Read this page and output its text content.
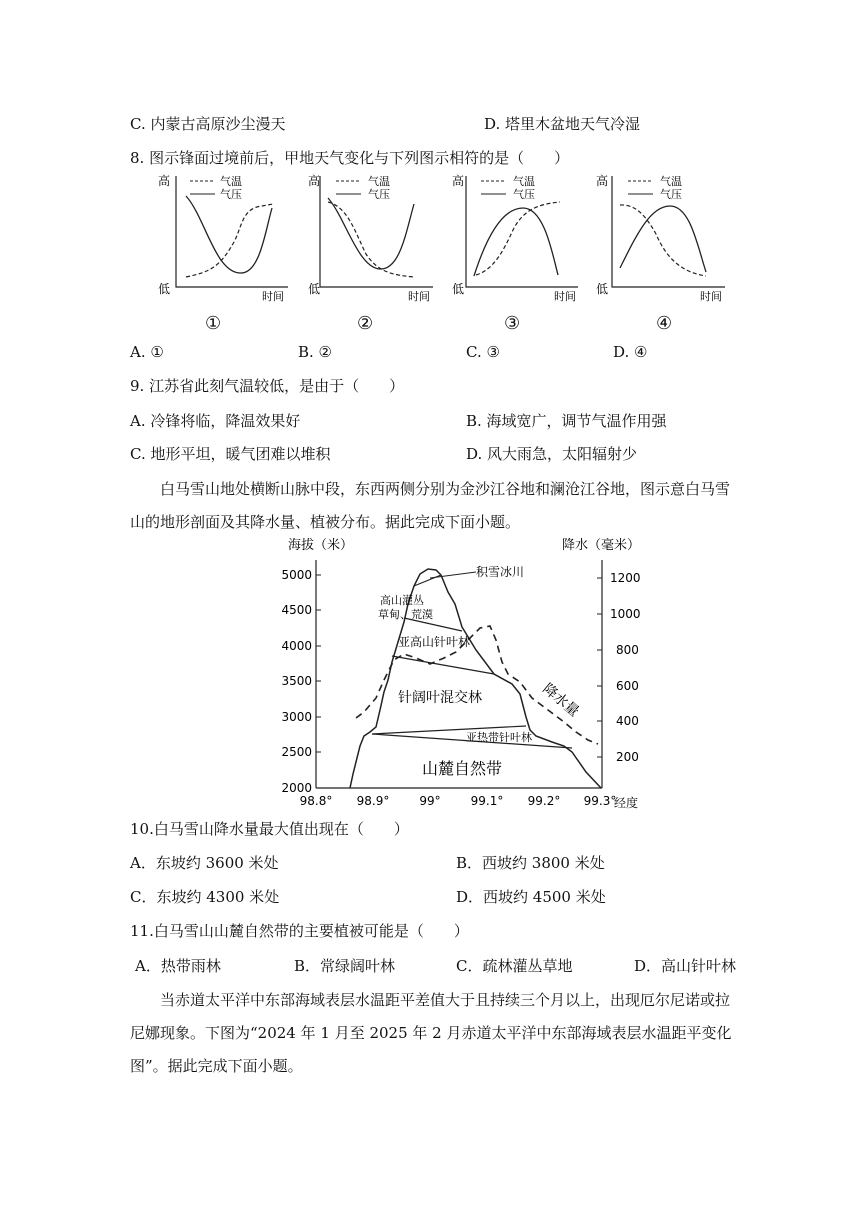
C. 内蒙古高原沙尘漫天	D. 塔里木盆地天气冷湿
8. 图示锋面过境前后，甲地天气变化与下列图示相符的是（　　）
高
低
时间
气温
气压
高
低
时间
气温
气压
高
低
时间
气温
气压
高
低
时间
气温
气压
①	②	③	④
A. ①	B. ②	C. ③	D. ④
9. 江苏省此刻气温较低，是由于（　　）
A. 冷锋将临，降温效果好	B. 海域宽广，调节气温作用强
C. 地形平坦，暖气团难以堆积	D. 风大雨急，太阳辐射少
白马雪山地处横断山脉中段，东西两侧分别为金沙江谷地和澜沧江谷地，图示意白马雪
山的地形剖面及其降水量、植被分布。据此完成下面小题。
海拔（米）	降水（毫米）
5000
4500
4000
3500
3000
2500
2000
1200
1000
800
600
400
200
98.8° 98.9°	99°	99.1° 99.2° 99.3°
经度
积雪冰川
高山灌丛
草甸、荒漠
亚高山针叶林
针阔叶混交林
亚热带针叶林
山麓自然带
降水量
10.白马雪山降水量最大值出现在（　　）
A．东坡约 3600 米处	B．西坡约 3800 米处
C．东坡约 4300 米处	D．西坡约 4500 米处
11.白马雪山山麓自然带的主要植被可能是（　　）
A．热带雨林	B．常绿阔叶林	C．疏林灌丛草地	D．高山针叶林
当赤道太平洋中东部海域表层水温距平差值大于且持续三个月以上，出现厄尔尼诺或拉
尼娜现象。下图为“2024 年 1 月至 2025 年 2 月赤道太平洋中东部海域表层水温距平变化
图”。据此完成下面小题。
